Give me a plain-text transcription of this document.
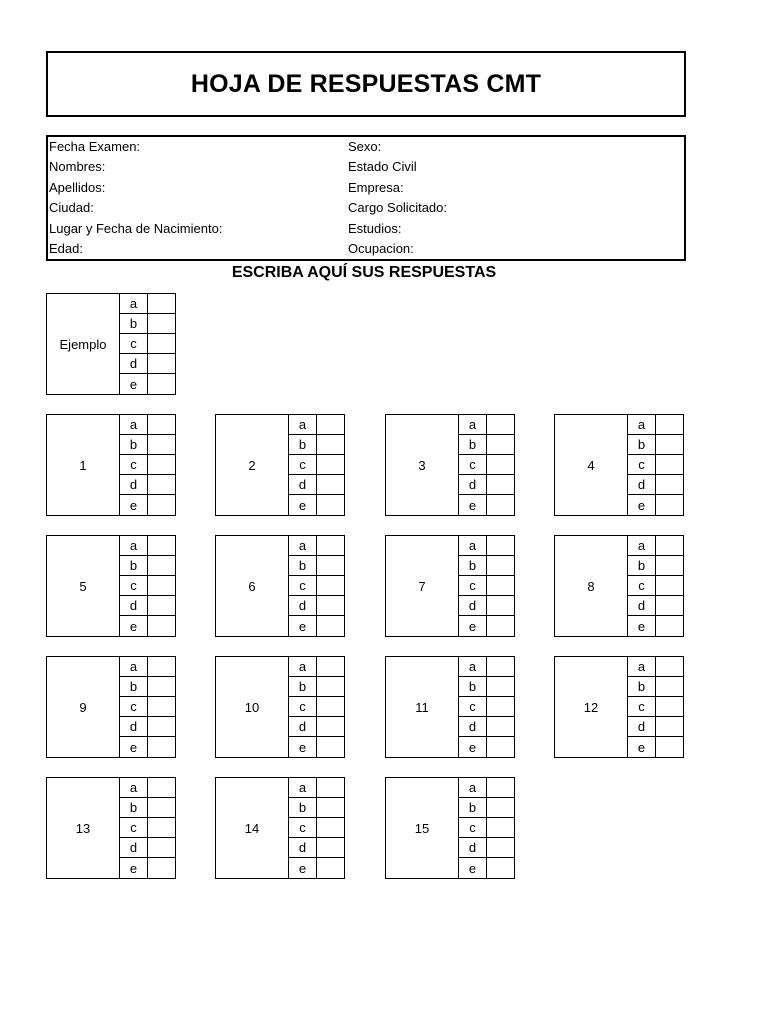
HOJA DE RESPUESTAS CMT
Fecha Examen:
Nombres:
Apellidos:
Ciudad:
Lugar y Fecha de Nacimiento:
Edad:
Sexo:
Estado Civil
Empresa:
Cargo Solicitado:
Estudios:
Ocupacion:
ESCRIBA AQUÍ SUS RESPUESTAS
Ejemplo
a
b
c
d
e
1
a
b
c
d
e
2
a
b
c
d
e
3
a
b
c
d
e
4
a
b
c
d
e
5
a
b
c
d
e
6
a
b
c
d
e
7
a
b
c
d
e
8
a
b
c
d
e
9
a
b
c
d
e
10
a
b
c
d
e
11
a
b
c
d
e
12
a
b
c
d
e
13
a
b
c
d
e
14
a
b
c
d
e
15
a
b
c
d
e
